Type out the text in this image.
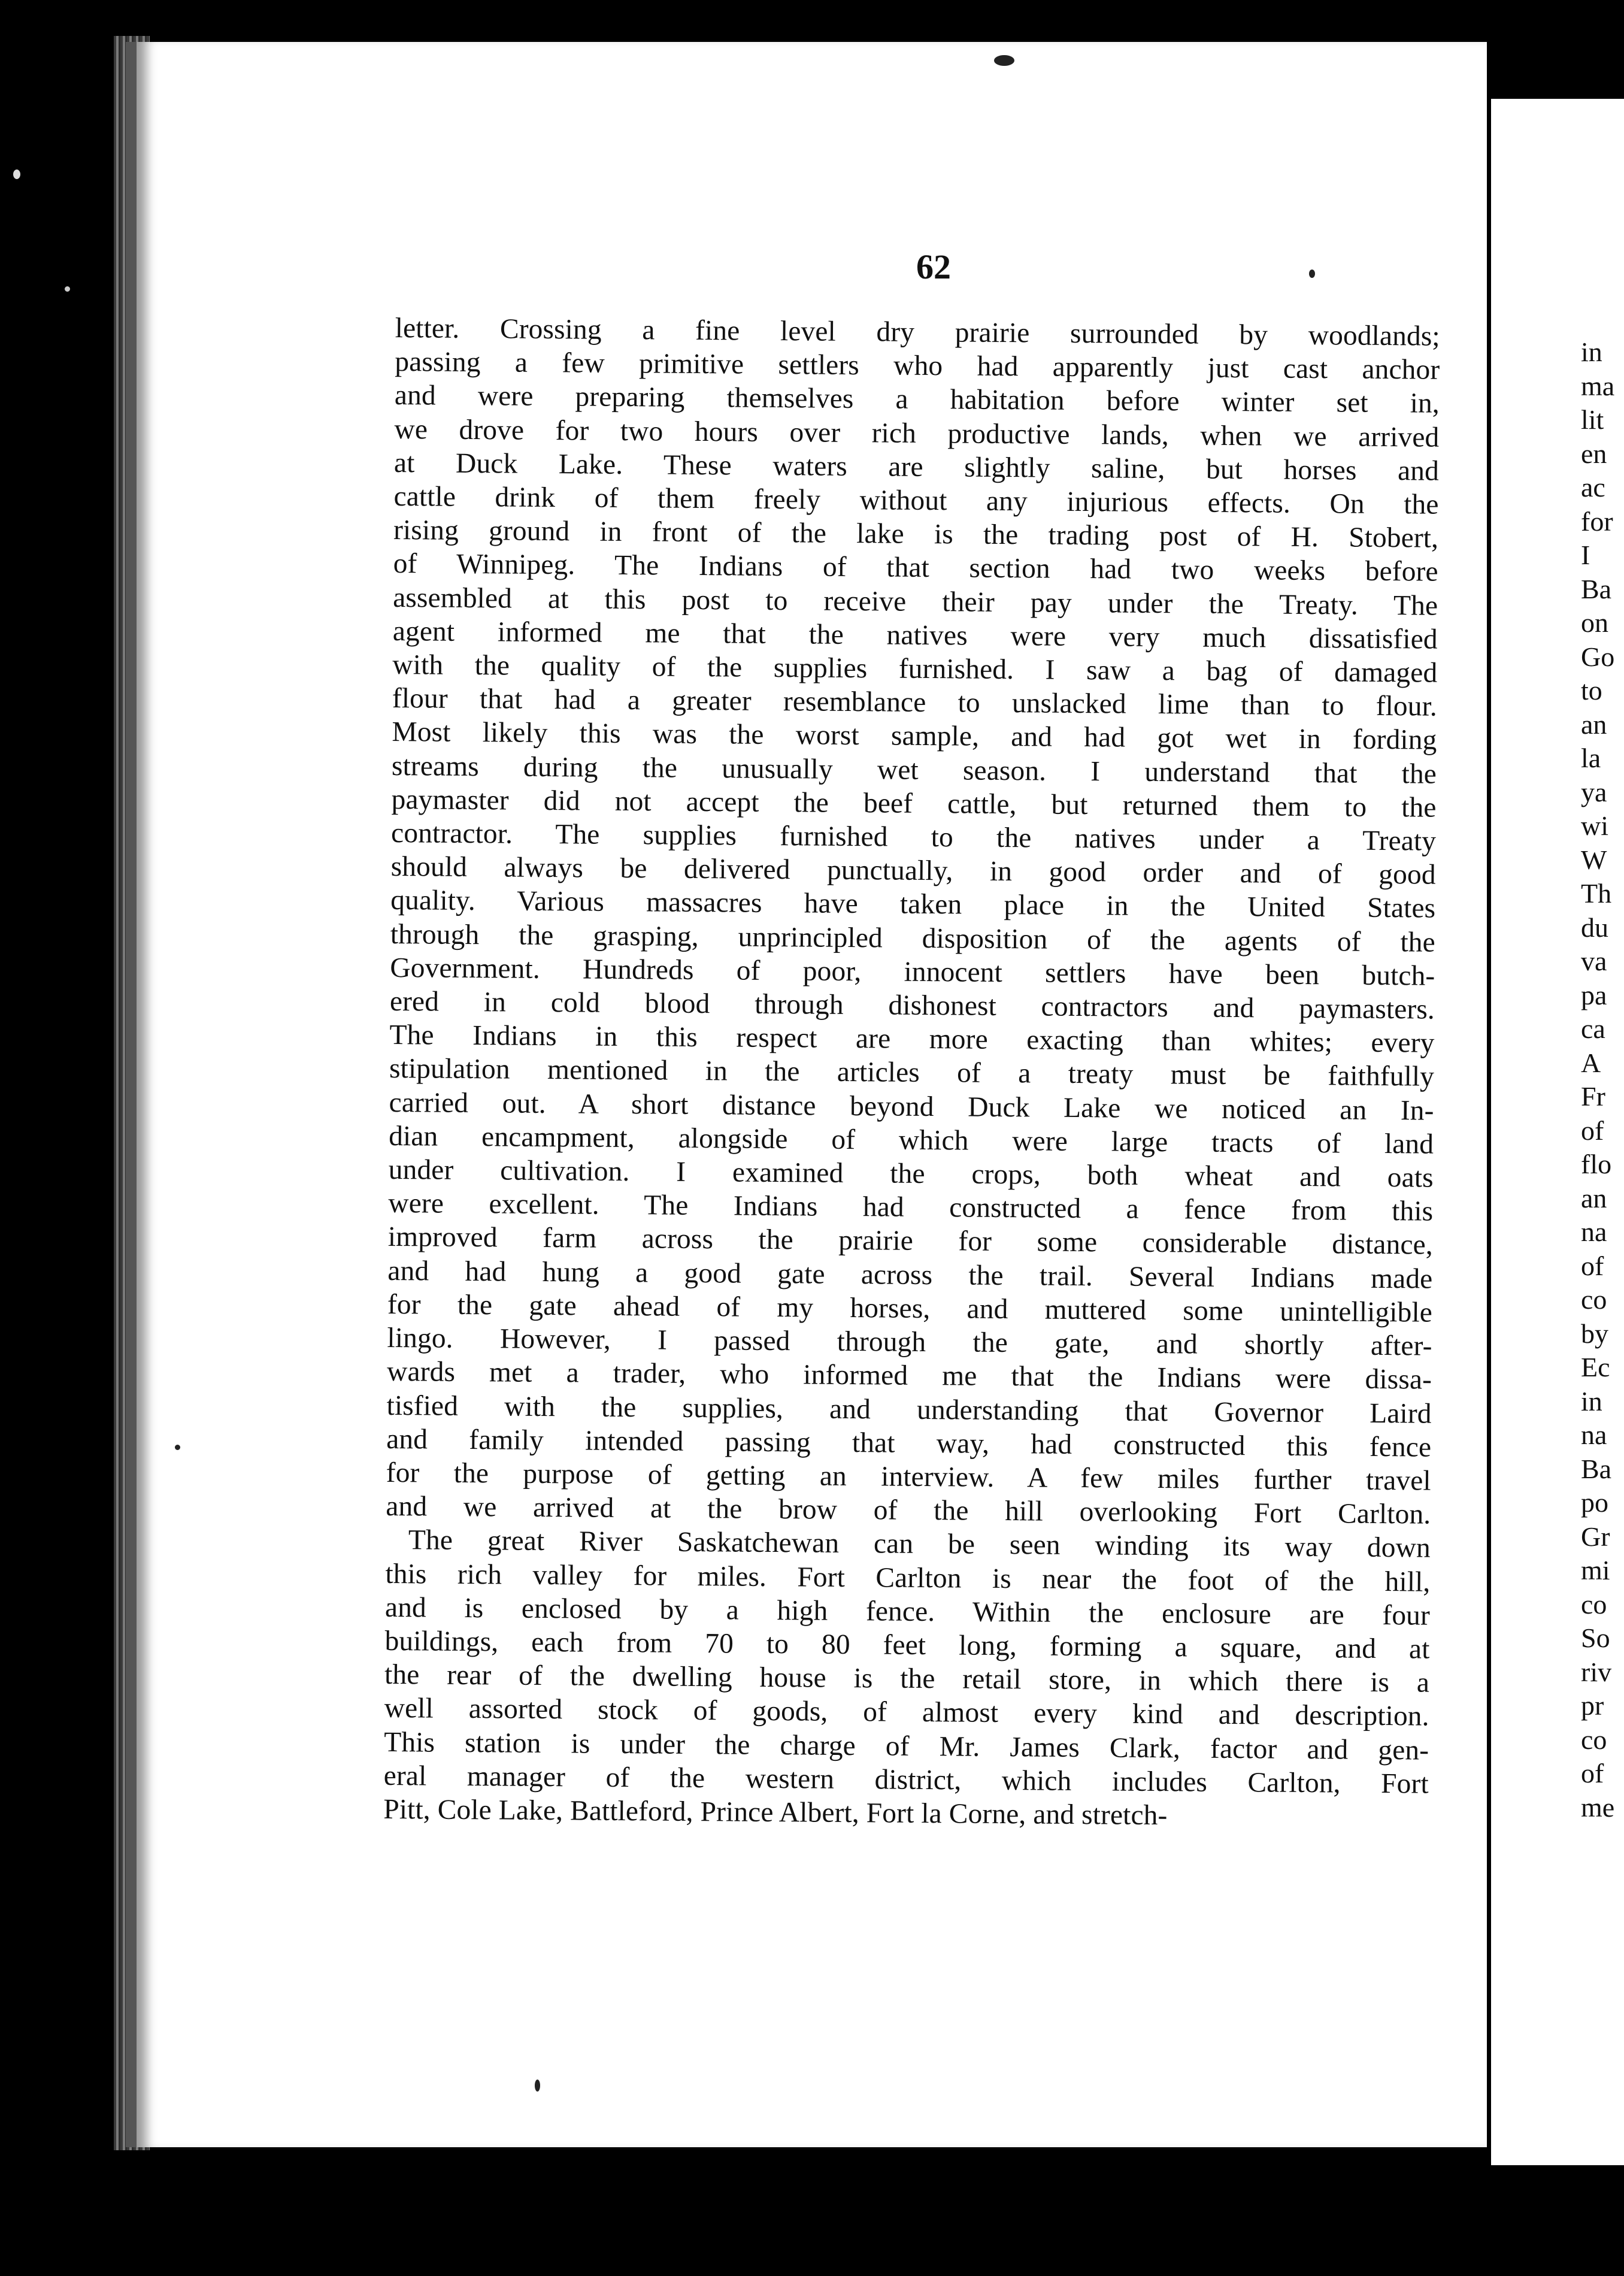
62
letter. Crossing a fine level dry prairie surrounded by woodlands;
passing a few primitive settlers who had apparently just cast anchor
and were preparing themselves a habitation before winter set in,
we drove for two hours over rich productive lands, when we arrived
at Duck Lake. These waters are slightly saline, but horses and
cattle drink of them freely without any injurious effects. On the
rising ground in front of the lake is the trading post of H. Stobert,
of Winnipeg. The Indians of that section had two weeks before
assembled at this post to receive their pay under the Treaty. The
agent informed me that the natives were very much dissatisfied
with the quality of the supplies furnished. I saw a bag of damaged
flour that had a greater resemblance to unslacked lime than to flour.
Most likely this was the worst sample, and had got wet in fording
streams during the unusually wet season. I understand that the
paymaster did not accept the beef cattle, but returned them to the
contractor. The supplies furnished to the natives under a Treaty
should always be delivered punctually, in good order and of good
quality. Various massacres have taken place in the United States
through the grasping, unprincipled disposition of the agents of the
Government. Hundreds of poor, innocent settlers have been butch-
ered in cold blood through dishonest contractors and paymasters.
The Indians in this respect are more exacting than whites; every
stipulation mentioned in the articles of a treaty must be faithfully
carried out. A short distance beyond Duck Lake we noticed an In-
dian encampment, alongside of which were large tracts of land
under cultivation. I examined the crops, both wheat and oats
were excellent. The Indians had constructed a fence from this
improved farm across the prairie for some considerable distance,
and had hung a good gate across the trail. Several Indians made
for the gate ahead of my horses, and muttered some unintelligible
lingo. However, I passed through the gate, and shortly after-
wards met a trader, who informed me that the Indians were dissa-
tisfied with the supplies, and understanding that Governor Laird
and family intended passing that way, had constructed this fence
for the purpose of getting an interview. A few miles further travel
and we arrived at the brow of the hill overlooking Fort Carlton.
The great River Saskatchewan can be seen winding its way down
this rich valley for miles. Fort Carlton is near the foot of the hill,
and is enclosed by a high fence. Within the enclosure are four
buildings, each from 70 to 80 feet long, forming a square, and at
the rear of the dwelling house is the retail store, in which there is a
well assorted stock of goods, of almost every kind and description.
This station is under the charge of Mr. James Clark, factor and gen-
eral manager of the western district, which includes Carlton, Fort
Pitt, Cole Lake, Battleford, Prince Albert, Fort la Corne, and stretch-
in
ma
lit
en
ac
for
I
Ba
on
Go
to
an
la
ya
wi
W
Th
du
va
pa
ca
A
Fr
of
flo
an
na
of
co
by
Ec
in
na
Ba
po
Gr
mi
co
So
riv
pr
co
of
me
